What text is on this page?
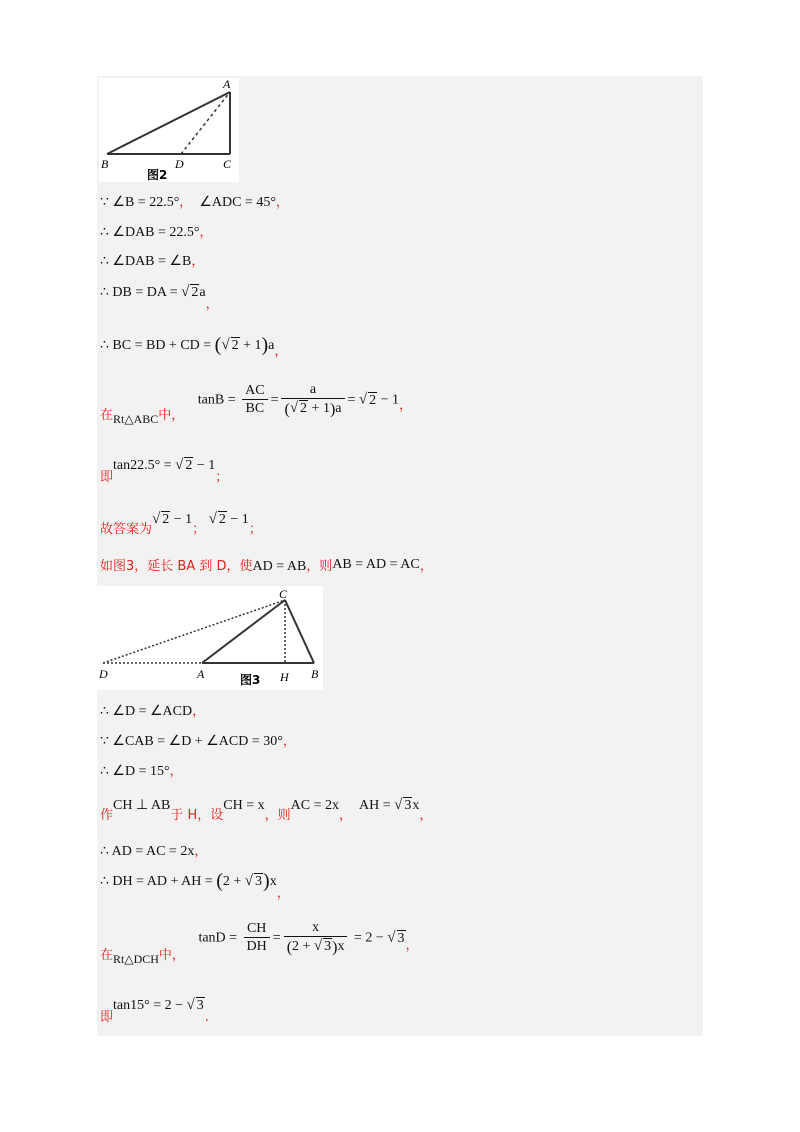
A
B	C
D
图2
∵ ∠B = 22.5°， ∠ADC = 45°，
∴ ∠DAB = 22.5°，
∴ ∠DAB = ∠B，
∴ DB = DA = √ 2a，
∴ BC = BD + CD = (√ 2 + 1)a，
在Rt△ABC中， $\tan B = \frac{AC}{BC} = \frac{a}{(√ 2 + 1)a}$ = √ 2 − 1，
即tan22.5° = √ 2 − 1；
故答案为√ 2 − 1； √ 2 − 1；
如图3，延长 BA 到 D，使AD = AB，则AB = AD = AC，
C
D	A	H B
图3
∴ ∠D = ∠ACD，
∵ ∠CAB = ∠D + ∠ACD = 30°，
∴ ∠D = 15°，
作CH ⊥ AB于 H，设CH = x，则AC = 2x，  AH = √ 3x，
∴ AD = AC = 2x，
∴ DH = AD + AH = (2 + √ 3)x，
在Rt△DCH中， $\tan D = \frac{CH}{DH} = \frac{x}{(2 + √ 3)x} = 2$ − √ 3，
即tan15° = 2 − √ 3.
